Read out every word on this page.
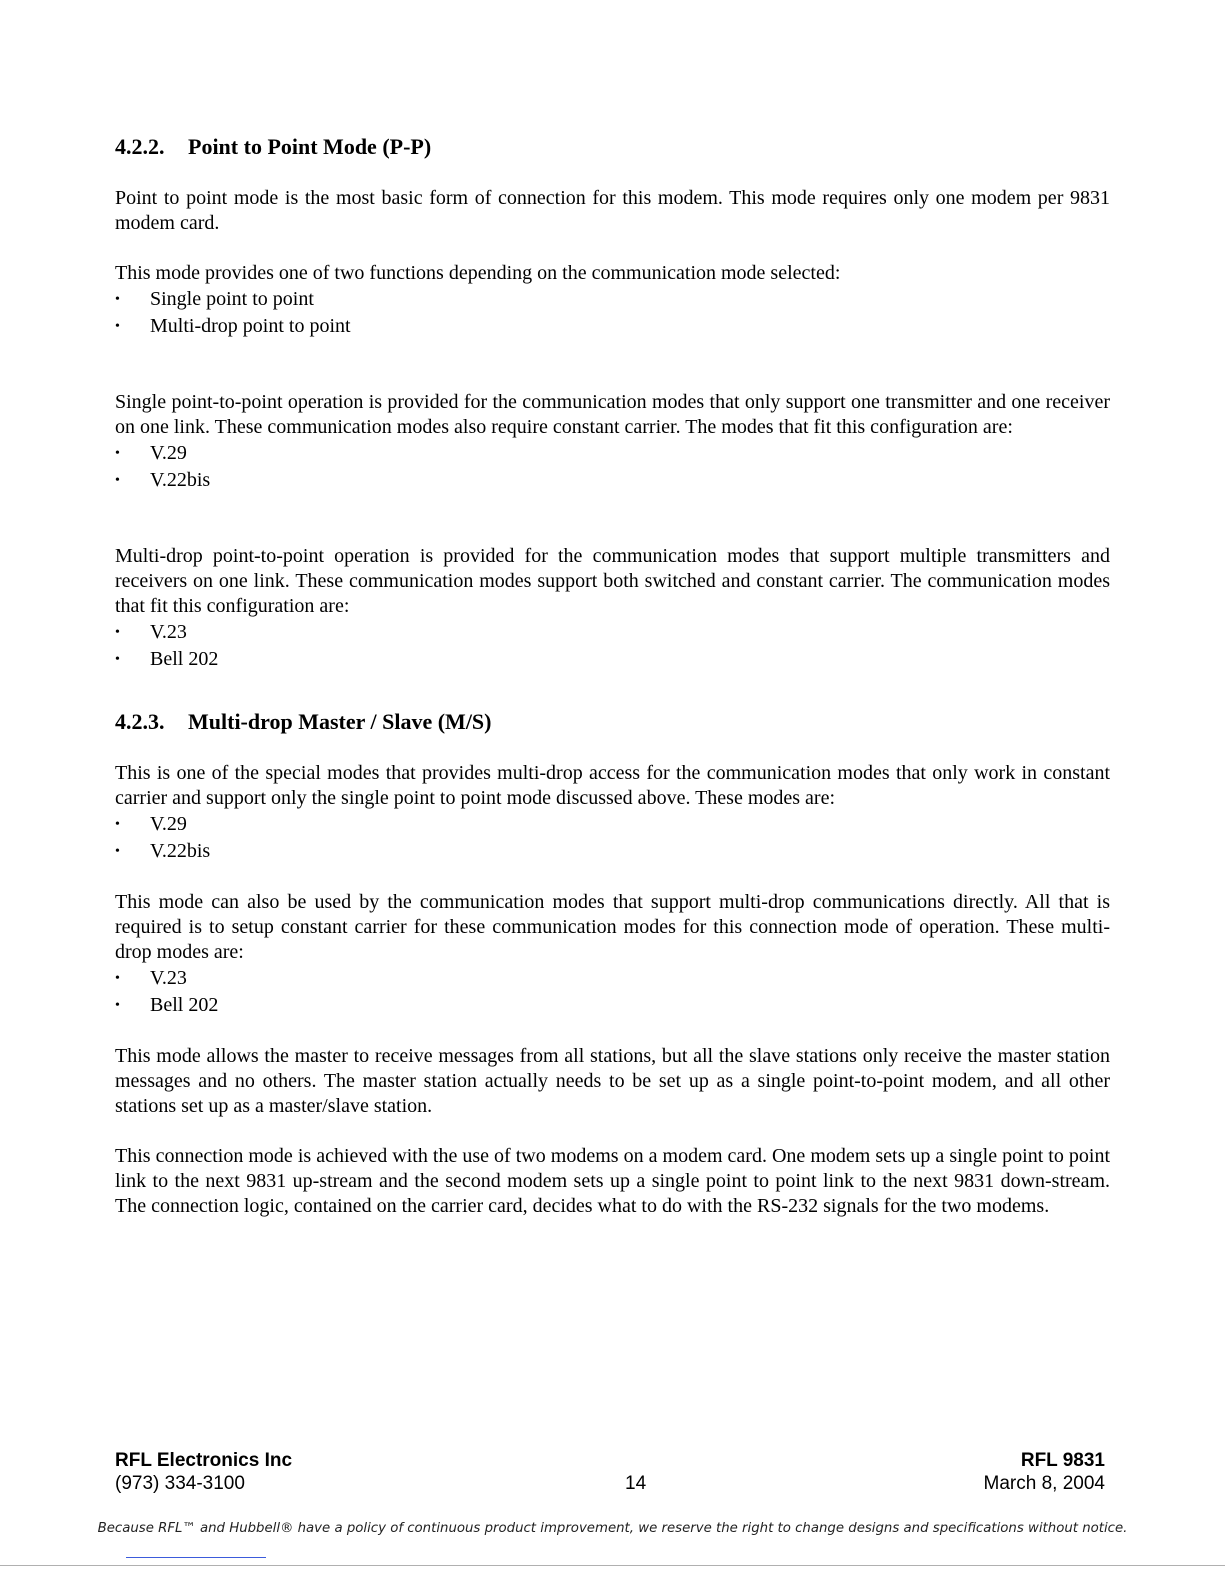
4.2.2. Point to Point Mode (P-P)

Point to point mode is the most basic form of connection for this modem. This mode requires only one modem per 9831 modem card.

This mode provides one of two functions depending on the communication mode selected:

•	Single point to point
•	Multi-drop point to point

Single point-to-point operation is provided for the communication modes that only support one transmitter and one receiver on one link. These communication modes also require constant carrier. The modes that fit this configuration are:

•	V.29
•	V.22bis

Multi-drop point-to-point operation is provided for the communication modes that support multiple transmitters and receivers on one link. These communication modes support both switched and constant carrier. The communication modes that fit this configuration are:

•	V.23
•	Bell 202
4.2.3. Multi-drop Master / Slave (M/S)

This is one of the special modes that provides multi-drop access for the communication modes that only work in constant carrier and support only the single point to point mode discussed above. These modes are:

•	V.29
•	V.22bis

This mode can also be used by the communication modes that support multi-drop communications directly. All that is required is to setup constant carrier for these communication modes for this connection mode of operation. These multi-drop modes are:

•	V.23
•	Bell 202

This mode allows the master to receive messages from all stations, but all the slave stations only receive the master station messages and no others. The master station actually needs to be set up as a single point-to-point modem, and all other stations set up as a master/slave station.

This connection mode is achieved with the use of two modems on a modem card. One modem sets up a single point to point link to the next 9831 up-stream and the second modem sets up a single point to point link to the next 9831 down-stream. The connection logic, contained on the carrier card, decides what to do with the RS-232 signals for the two modems.

RFL Electronics Inc	RFL 9831
(973) 334-3100	14	March 8, 2004
Because RFL™ and Hubbell® have a policy of continuous product improvement, we reserve the right to change designs and specifications without notice.
